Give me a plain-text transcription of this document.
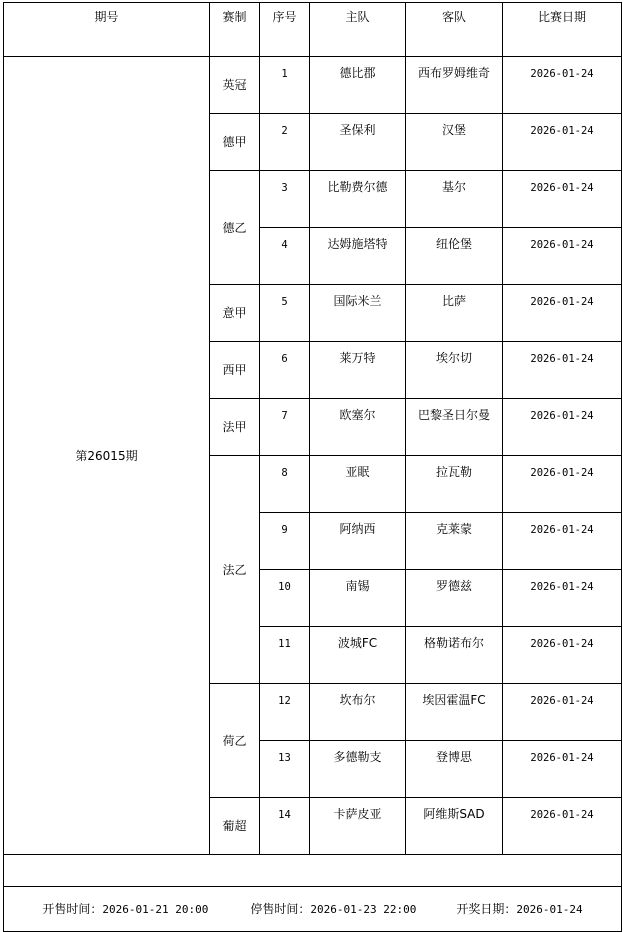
期号	赛制	序号	主队	客队	比赛日期
第26015期	英冠	1	德比郡	西布罗姆维奇	2026-01-24
	德甲	2	圣保利	汉堡	2026-01-24
	德乙	3	比勒费尔德	基尔	2026-01-24
		4	达姆施塔特	纽伦堡	2026-01-24
	意甲	5	国际米兰	比萨	2026-01-24
	西甲	6	莱万特	埃尔切	2026-01-24
	法甲	7	欧塞尔	巴黎圣日尔曼	2026-01-24
	法乙	8	亚眠	拉瓦勒	2026-01-24
		9	阿纳西	克莱蒙	2026-01-24
		10	南锡	罗德兹	2026-01-24
		11	波城FC	格勒诺布尔	2026-01-24
	荷乙	12	坎布尔	埃因霍温FC	2026-01-24
		13	多德勒支	登博思	2026-01-24
	葡超	14	卡萨皮亚	阿维斯SAD	2026-01-24

开售时间：2026-01-21 20:00 停售时间：2026-01-23 22:00 开奖日期：2026-01-24					
